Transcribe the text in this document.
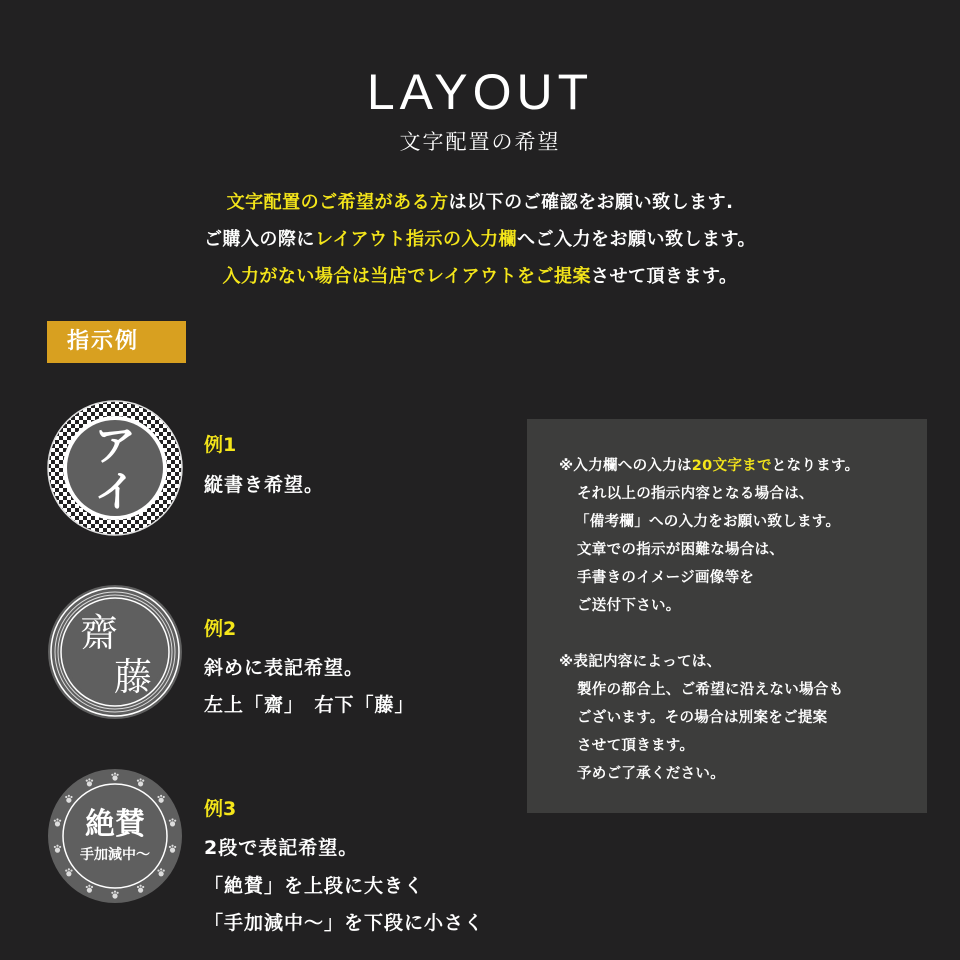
LAYOUT
文字配置の希望
文字配置のご希望がある方は以下のご確認をお願い致します.
ご購入の際にレイアウト指示の入力欄へご入力をお願い致します。
入力がない場合は当店でレイアウトをご提案させて頂きます。
指示例
ア
イ
例1
縦書き希望。
齋
藤
例2
斜めに表記希望。
左上「齋」　右下「藤」
絶賛
手加減中～
例3
2段で表記希望。
「絶賛」を上段に大きく
「手加減中～」を下段に小さく
※入力欄への入力は20文字までとなります。
それ以上の指示内容となる場合は、
「備考欄」への入力をお願い致します。
文章での指示が困難な場合は、
手書きのイメージ画像等を
ご送付下さい。
※表記内容によっては、
製作の都合上、ご希望に沿えない場合も
ございます。その場合は別案をご提案
させて頂きます。
予めご了承ください。
